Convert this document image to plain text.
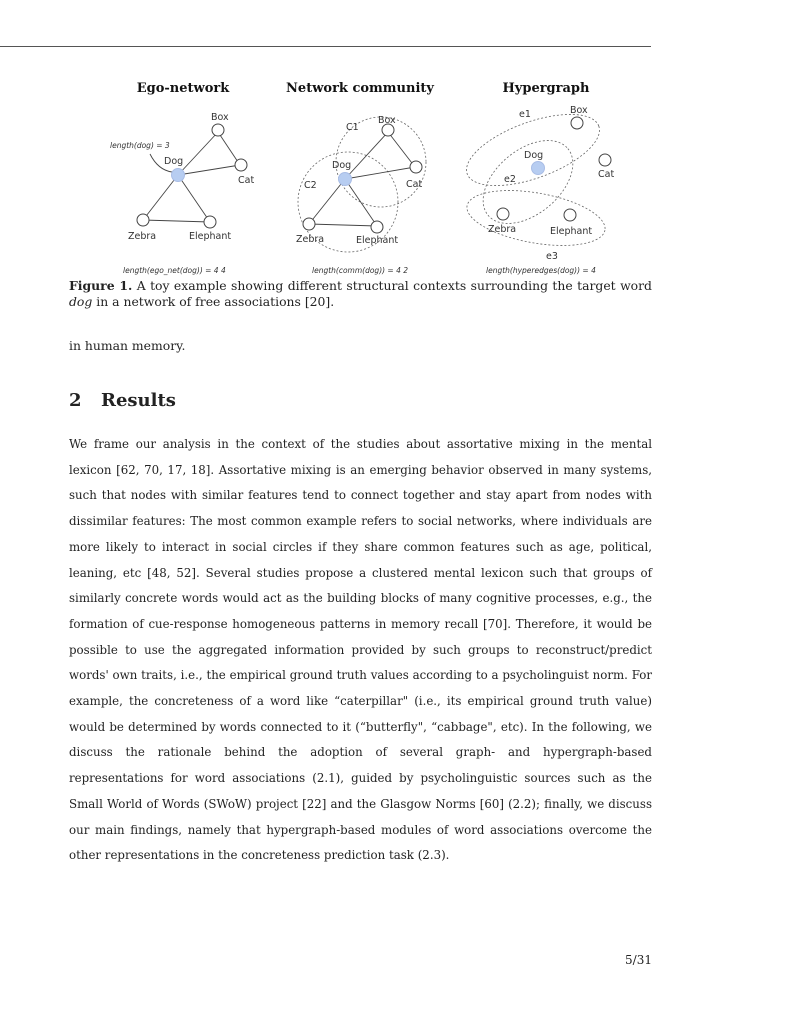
Ego-network	Network community	Hypergraph
Box
Dog
Cat
Zebra	Elephant
length(dog) = 3
length(ego_net(dog)) = 4 4
Box
Dog
Cat
Zebra	Elephant
C1
C2
length(comm(dog)) = 4 2
Box
Dog
Cat
Zebra	Elephant
e1
e2
e3
length(hyperedges(dog)) = 4
Figure 1. A toy example showing different structural contexts surrounding the target word dog in a network of free associations [20].
in human memory.
2 Results
We frame our analysis in the context of the studies about assortative mixing in the mental lexicon [62, 70, 17, 18]. Assortative mixing is an emerging behavior observed in many systems, such that nodes with similar features tend to connect together and stay apart from nodes with dissimilar features: The most common example refers to social networks, where individuals are more likely to interact in social circles if they share common features such as age, political, leaning, etc [48, 52]. Several studies propose a clustered mental lexicon such that groups of similarly concrete words would act as the building blocks of many cognitive processes, e.g., the formation of cue-response homogeneous patterns in memory recall [70]. Therefore, it would be possible to use the aggregated information provided by such groups to reconstruct/predict words' own traits, i.e., the empirical ground truth values according to a psycholinguist norm. For example, the concreteness of a word like “caterpillar" (i.e., its empirical ground truth value) would be determined by words connected to it (“butterfly", “cabbage", etc). In the following, we discuss the rationale behind the adoption of several graph- and hypergraph-based representations for word associations (2.1), guided by psycholinguistic sources such as the Small World of Words (SWoW) project [22] and the Glasgow Norms [60] (2.2); finally, we discuss our main findings, namely that hypergraph-based modules of word associations overcome the other representations in the concreteness prediction task (2.3).
5/31
